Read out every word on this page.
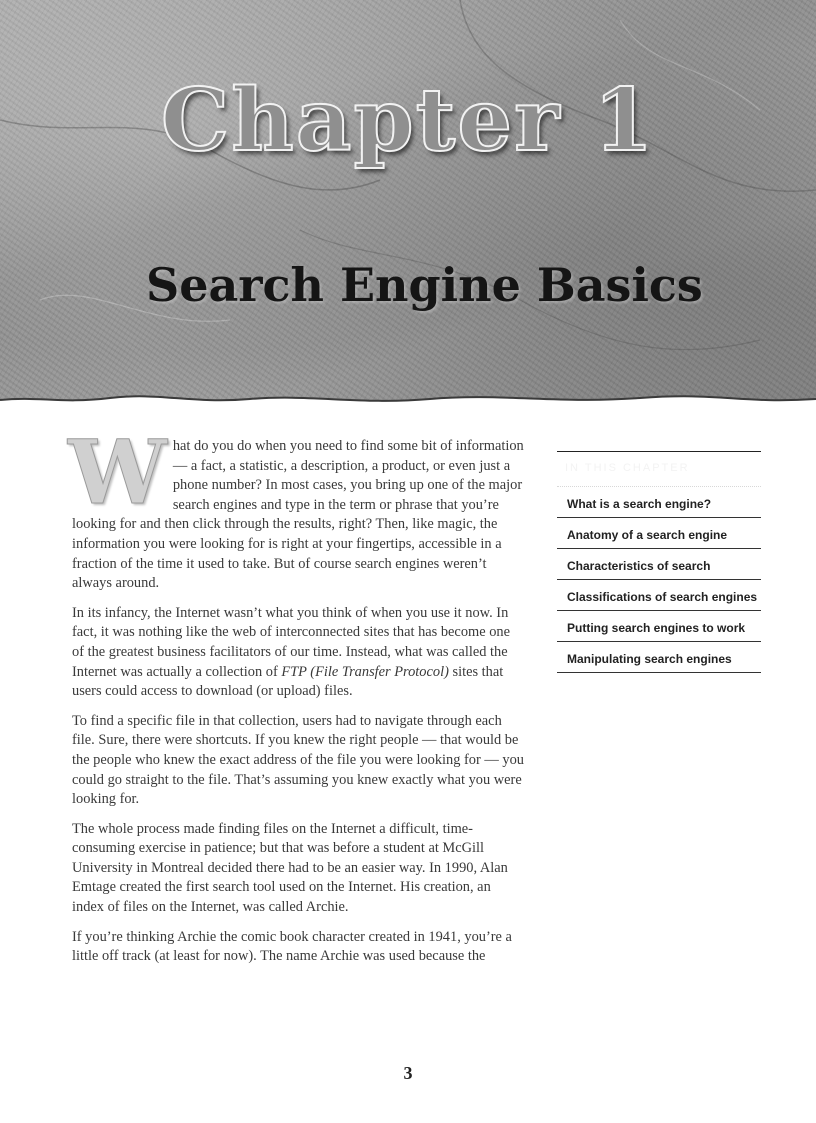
Chapter 1
Search Engine Basics

What do you do when you need to find some bit of information — a fact, a statistic, a description, a product, or even just a phone number? In most cases, you bring up one of the major search engines and type in the term or phrase that you’re looking for and then click through the results, right? Then, like magic, the information you were looking for is right at your fingertips, accessible in a fraction of the time it used to take. But of course search engines weren’t always around.

In its infancy, the Internet wasn’t what you think of when you use it now. In fact, it was nothing like the web of interconnected sites that has become one of the greatest business facilitators of our time. Instead, what was called the Internet was actually a collection of FTP (File Transfer Protocol) sites that users could access to download (or upload) files.

To find a specific file in that collection, users had to navigate through each file. Sure, there were shortcuts. If you knew the right people — that would be the people who knew the exact address of the file you were looking for — you could go straight to the file. That’s assuming you knew exactly what you were looking for.

The whole process made finding files on the Internet a difficult, time-consuming exercise in patience; but that was before a student at McGill University in Montreal decided there had to be an easier way. In 1990, Alan Emtage created the first search tool used on the Internet. His creation, an index of files on the Internet, was called Archie.

If you’re thinking Archie the comic book character created in 1941, you’re a little off track (at least for now). The name Archie was used because the

IN THIS CHAPTER
What is a search engine?
Anatomy of a search engine
Characteristics of search
Classifications of search engines
Putting search engines to work
Manipulating search engines
3
